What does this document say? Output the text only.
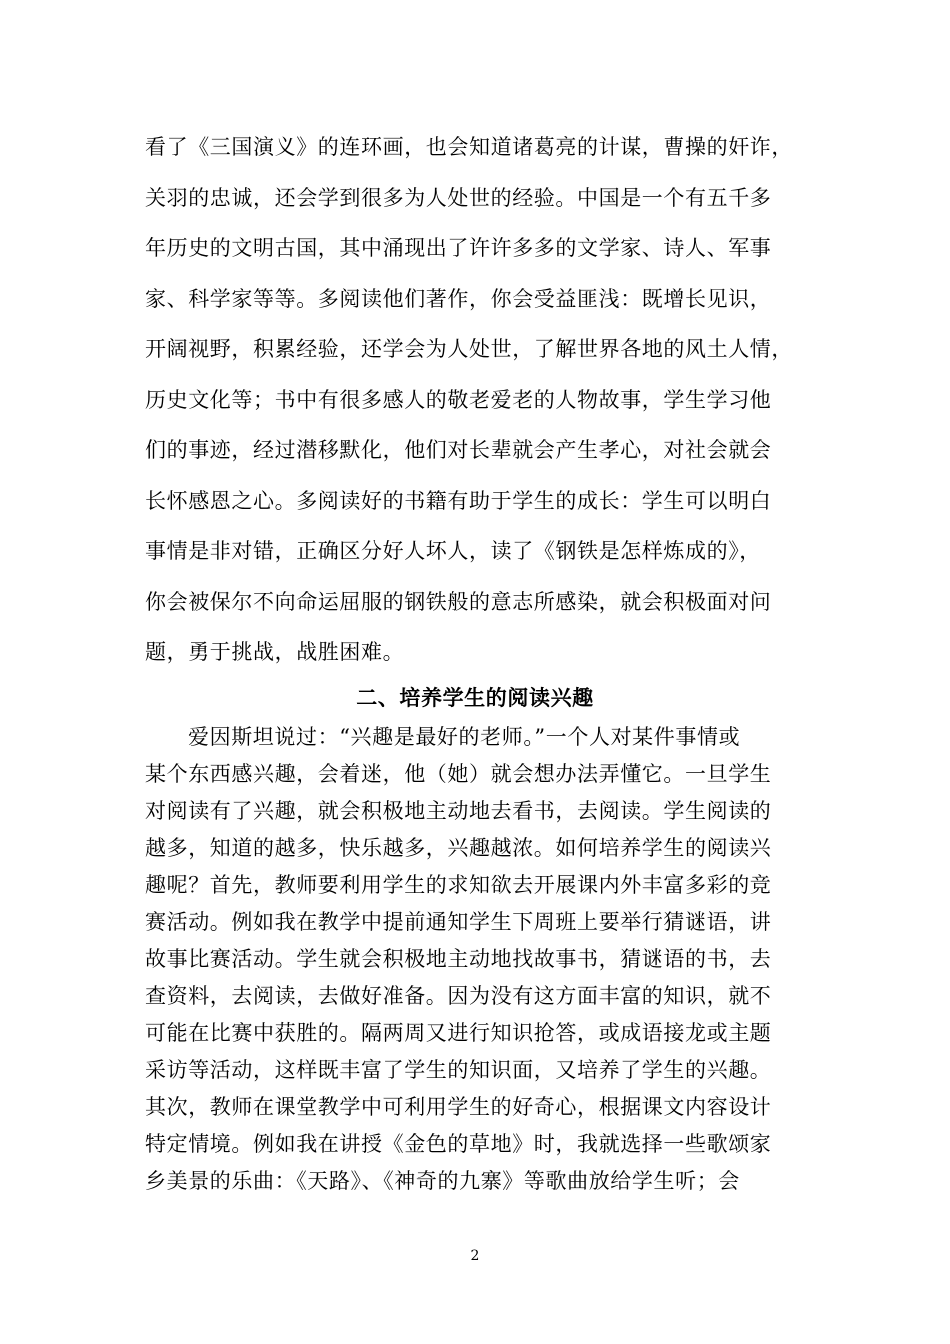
看了《三国演义》的连环画，也会知道诸葛亮的计谋，曹操的奸诈，
关羽的忠诚，还会学到很多为人处世的经验。中国是一个有五千多
年历史的文明古国，其中涌现出了许许多多的文学家、诗人、军事
家、科学家等等。多阅读他们著作，你会受益匪浅：既增长见识，
开阔视野，积累经验，还学会为人处世，了解世界各地的风土人情，
历史文化等；书中有很多感人的敬老爱老的人物故事，学生学习他
们的事迹，经过潜移默化，他们对长辈就会产生孝心，对社会就会
长怀感恩之心。多阅读好的书籍有助于学生的成长：学生可以明白
事情是非对错，正确区分好人坏人，读了《钢铁是怎样炼成的》，
你会被保尔不向命运屈服的钢铁般的意志所感染，就会积极面对问
题，勇于挑战，战胜困难。
二、培养学生的阅读兴趣
爱因斯坦说过：“兴趣是最好的老师。”一个人对某件事情或
某个东西感兴趣，会着迷，他（她）就会想办法弄懂它。一旦学生
对阅读有了兴趣，就会积极地主动地去看书，去阅读。学生阅读的
越多，知道的越多，快乐越多，兴趣越浓。如何培养学生的阅读兴
趣呢？首先，教师要利用学生的求知欲去开展课内外丰富多彩的竞
赛活动。例如我在教学中提前通知学生下周班上要举行猜谜语，讲
故事比赛活动。学生就会积极地主动地找故事书，猜谜语的书，去
查资料，去阅读，去做好准备。因为没有这方面丰富的知识，就不
可能在比赛中获胜的。隔两周又进行知识抢答，或成语接龙或主题
采访等活动，这样既丰富了学生的知识面，又培养了学生的兴趣。
其次，教师在课堂教学中可利用学生的好奇心，根据课文内容设计
特定情境。例如我在讲授《金色的草地》时，我就选择一些歌颂家
乡美景的乐曲：《天路》、《神奇的九寨》等歌曲放给学生听；会
2
